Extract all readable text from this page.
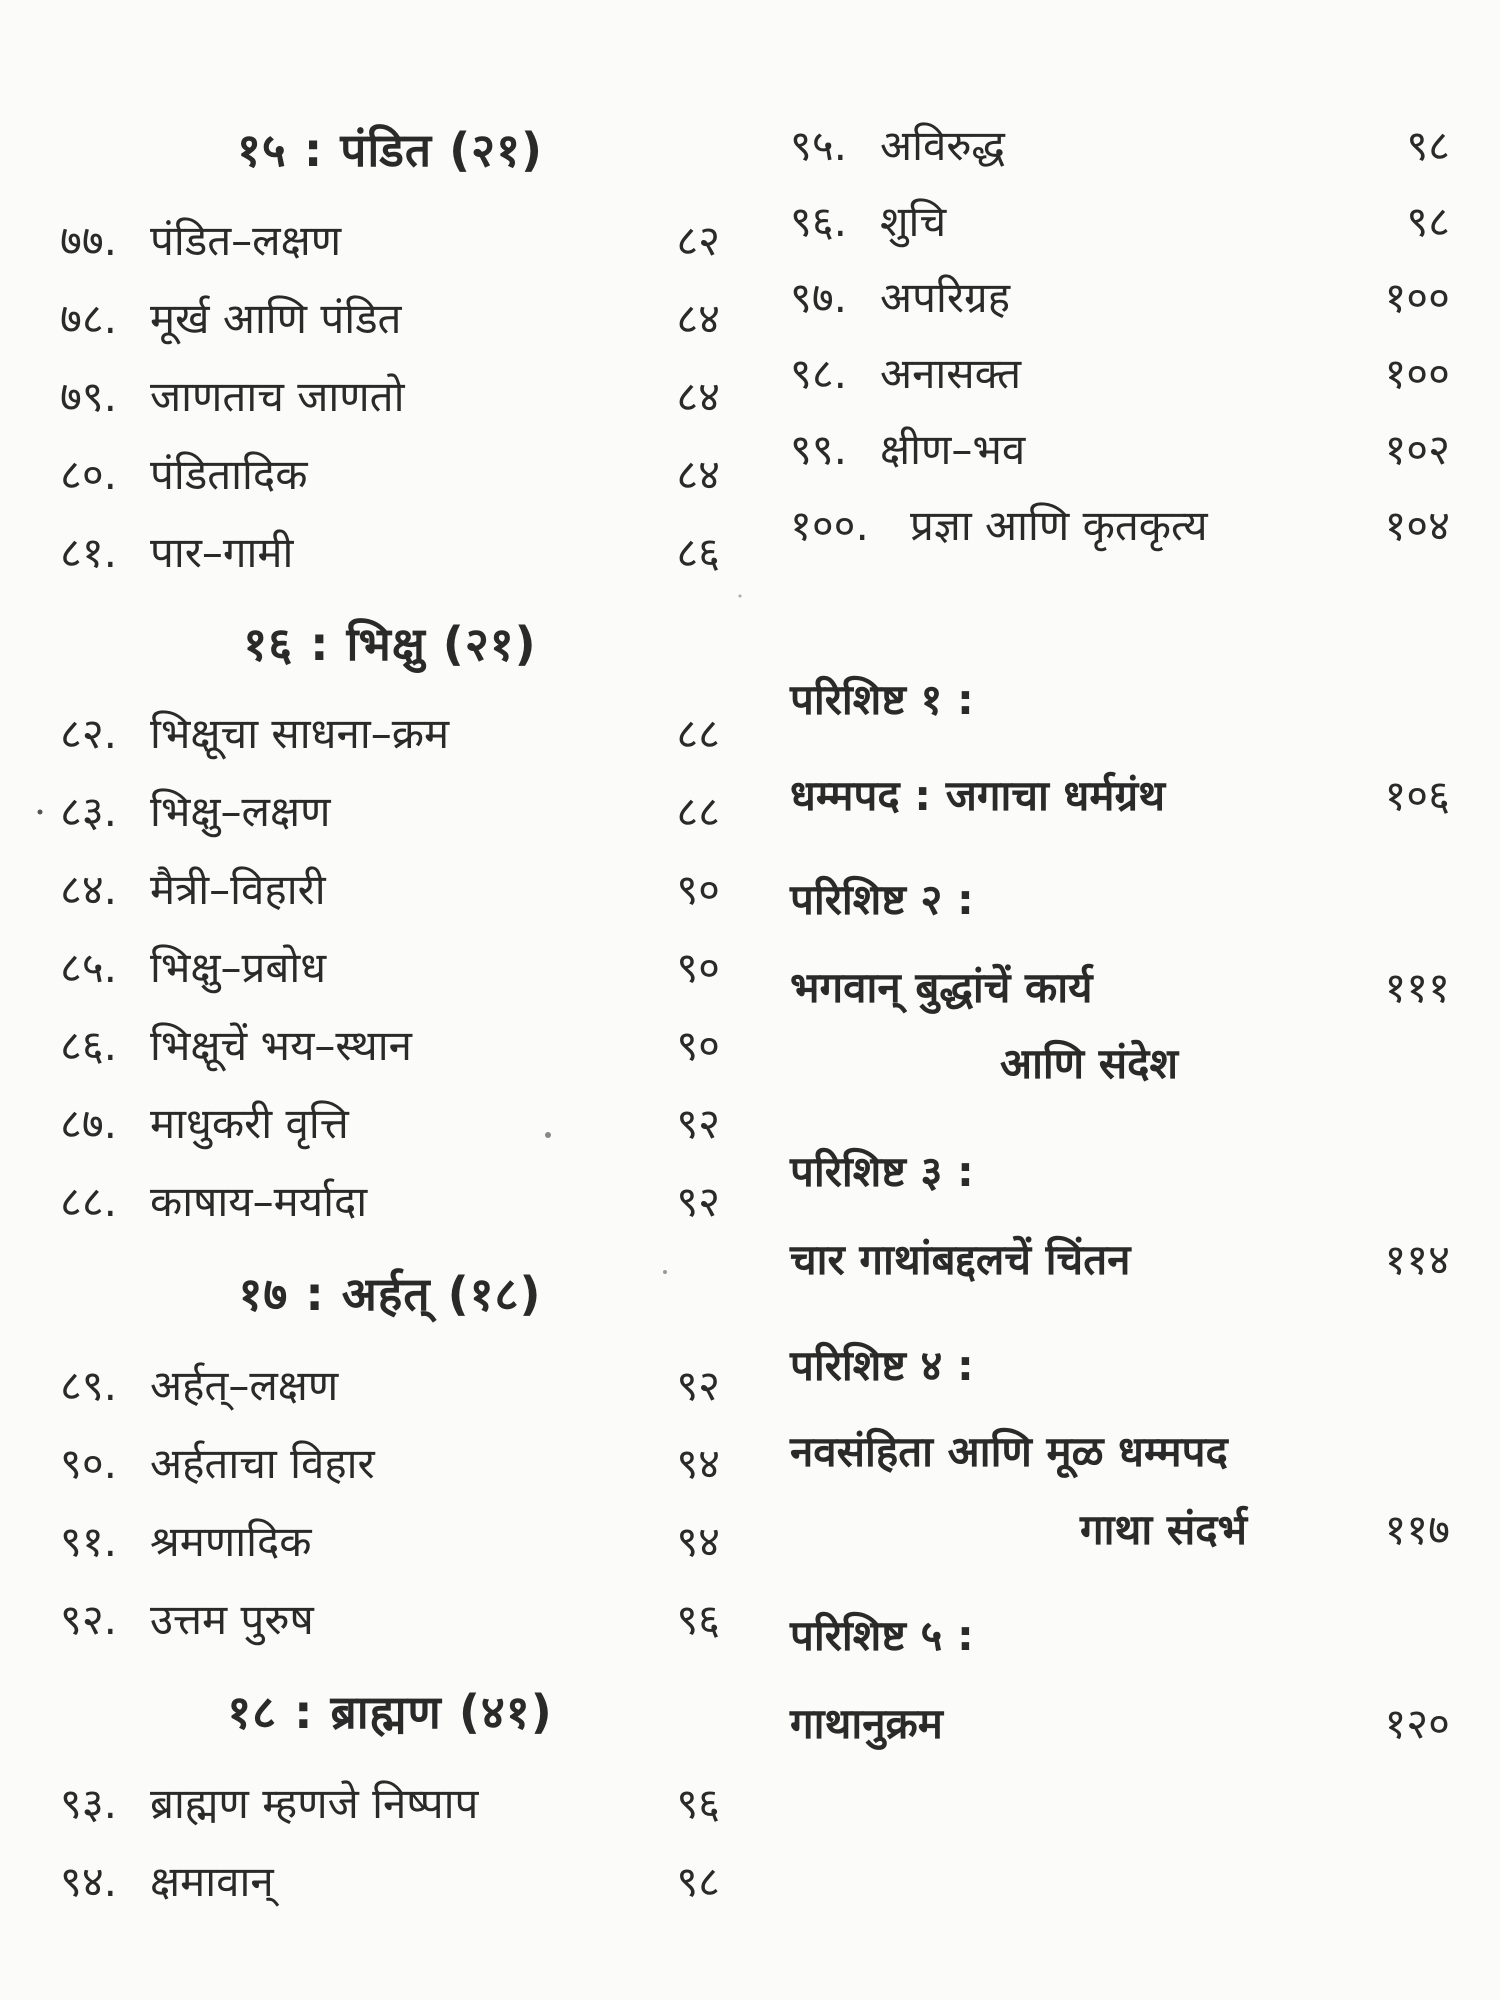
१५ : पंडित (२१)
७७. पंडित–लक्षण	८२
७८. मूर्ख आणि पंडित	८४
७९. जाणताच जाणतो	८४
८०. पंडितादिक	८४
८१. पार–गामी	८६
१६ : भिक्षु (२१)
८२. भिक्षूचा साधना–क्रम	८८
८३. भिक्षु–लक्षण	८८
८४. मैत्री–विहारी	९०
८५. भिक्षु–प्रबोध	९०
८६. भिक्षूचें भय–स्थान	९०
८७. माधुकरी वृत्ति	९२
८८. काषाय–मर्यादा	९२
१७ : अर्हत् (१८)
८९. अर्हत्–लक्षण	९२
९०. अर्हताचा विहार	९४
९१. श्रमणादिक	९४
९२. उत्तम पुरुष	९६
१८ : ब्राह्मण (४१)
९३. ब्राह्मण म्हणजे निष्पाप	९६
९४. क्षमावान्	९८
९५. अविरुद्ध	९८
९६. शुचि	९८
९७. अपरिग्रह	१००
९८. अनासक्त	१००
९९. क्षीण–भव	१०२
१००. प्रज्ञा आणि कृतकृत्य	१०४
परिशिष्ट १ :
धम्मपद : जगाचा धर्मग्रंथ	१०६
परिशिष्ट २ :
भगवान् बुद्धांचें कार्य	१११
आणि संदेश
परिशिष्ट ३ :
चार गाथांबद्दलचें चिंतन	११४
परिशिष्ट ४ :
नवसंहिता आणि मूळ धम्मपद
गाथा संदर्भ	११७
परिशिष्ट ५ :
गाथानुक्रम	१२०
